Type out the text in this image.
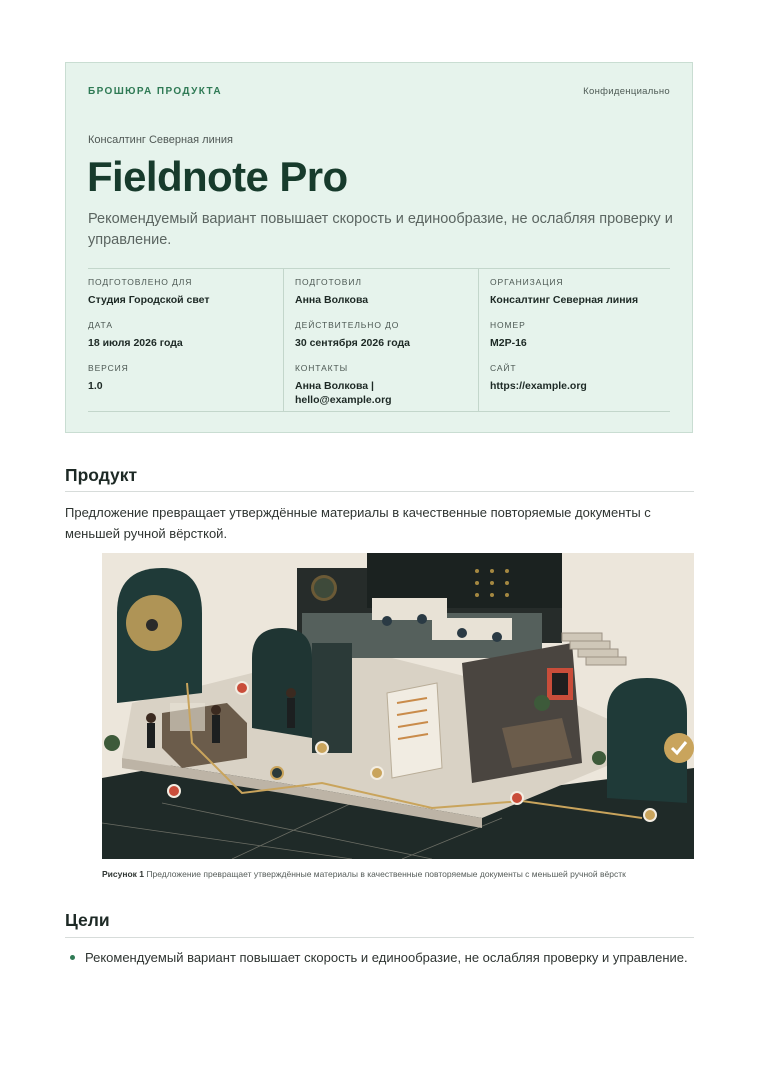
БРОШЮРА ПРОДУКТА	Конфиденциально
Консалтинг Северная линия
Fieldnote Pro
Рекомендуемый вариант повышает скорость и единообразие, не ослабляя проверку и управление.
ПОДГОТОВЛЕНО ДЛЯ
Студия Городской свет
ДАТА
18 июля 2026 года
ВЕРСИЯ
1.0
ПОДГОТОВИЛ
Анна Волкова
ДЕЙСТВИТЕЛЬНО ДО
30 сентября 2026 года
КОНТАКТЫ
Анна Волкова | hello@example.org
ОРГАНИЗАЦИЯ
Консалтинг Северная линия
НОМЕР
M2P-16
САЙТ
https://example.org
Продукт
Предложение превращает утверждённые материалы в качественные повторяемые документы с меньшей ручной вёрсткой.
Рисунок 1 Предложение превращает утверждённые материалы в качественные повторяемые документы с меньшей ручной вёрстк
Цели
Рекомендуемый вариант повышает скорость и единообразие, не ослабляя проверку и управление.
